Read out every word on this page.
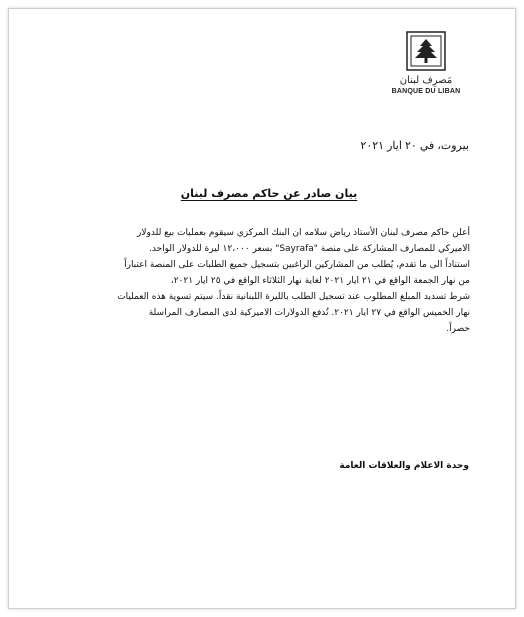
مَصرِف لبنان
BANQUE DU LIBAN
بيروت، في ٢٠ ايار ٢٠٢١
بيان صادر عن حاكم مصرف لبنان
أعلن حاكم مصرف لبنان الأستاذ رياض سلامه ان البنك المركزي سيقوم بعمليات بيع للدولار
الاميركي للمصارف المشاركة على منصة "Sayrafa" بسعر ١٢،٠٠٠ ليرة للدولار الواحد.
استناداً الى ما تقدم، يُطلب من المشاركين الراغبين بتسجيل جميع الطلبات على المنصة اعتباراً
من نهار الجمعة الواقع في ٢١ ايار ٢٠٢١ لغاية نهار الثلاثاء الواقع في ٢٥ ايار ٢٠٢١،
شرط تسديد المبلغ المطلوب عند تسجيل الطلب بالليرة اللبنانية نقداً. سيتم تسوية هذه العمليات
نهار الخميس الواقع في ٢٧ ايار ٢٠٢١. تُدفع الدولارات الاميركية لدى المصارف المراسلة
حصراً.
وحدة الاعلام والعلاقات العامة
